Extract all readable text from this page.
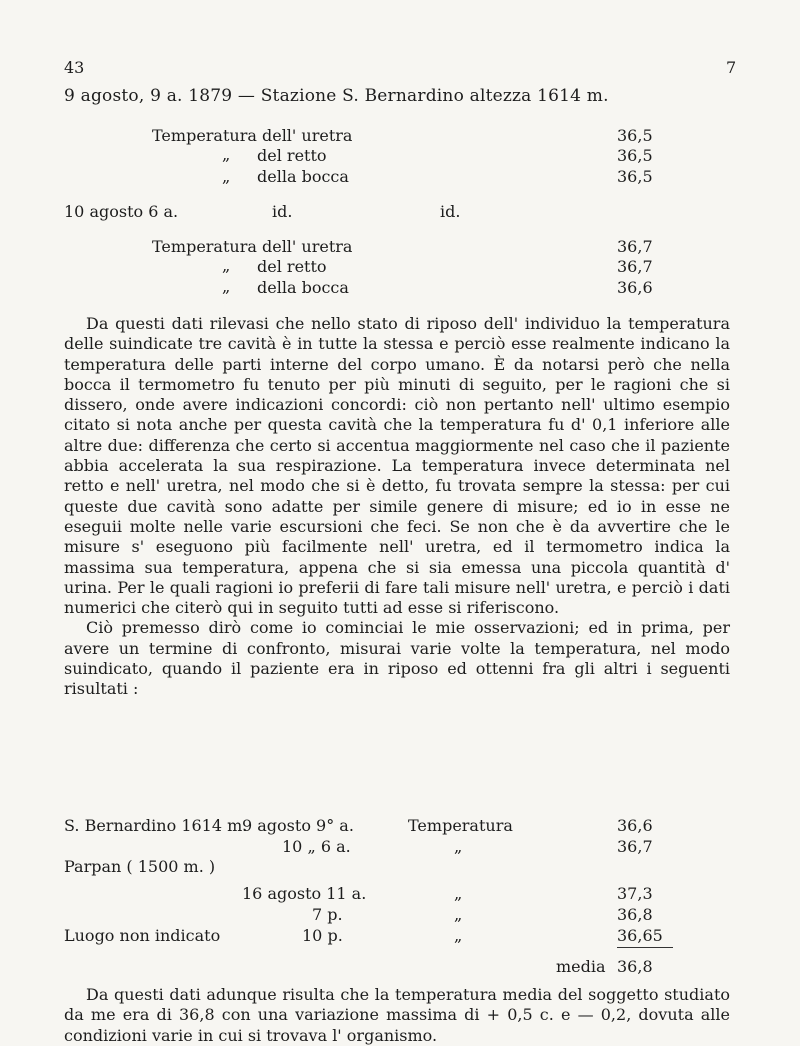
43	7
9 agosto, 9 a. 1879 — Stazione S. Bernardino altezza 1614 m.
Temperatura dell' uretra	36,5
„ del retto	36,5
„ della bocca	36,5
10 agosto 6 a.	id.	id.
Temperatura dell' uretra	36,7
„ del retto	36,7
„ della bocca	36,6

Da questi dati rilevasi che nello stato di riposo dell' individuo la temperatura delle suindicate tre cavità è in tutte la stessa e perciò esse realmente indicano la temperatura delle parti interne del corpo umano. È da notarsi però che nella bocca il termometro fu tenuto per più minuti di seguito, per le ragioni che si dissero, onde avere indicazioni concordi: ciò non pertanto nell' ultimo esempio citato si nota anche per questa cavità che la temperatura fu d' 0,1 inferiore alle altre due: differenza che certo si accentua maggiormente nel caso che il paziente abbia accelerata la sua respirazione. La temperatura invece determinata nel retto e nell' uretra, nel modo che si è detto, fu trovata sempre la stessa: per cui queste due cavità sono adatte per simile genere di misure; ed io in esse ne eseguii molte nelle varie escursioni che feci. Se non che è da avvertire che le misure s' eseguono più facilmente nell' uretra, ed il termometro indica la massima sua temperatura, appena che si sia emessa una piccola quantità d' urina. Per le quali ragioni io preferii di fare tali misure nell' uretra, e perciò i dati numerici che citerò qui in seguito tutti ad esse si riferiscono.

Ciò premesso dirò come io cominciai le mie osservazioni; ed in prima, per avere un termine di confronto, misurai varie volte la temperatura, nel modo suindicato, quando il paziente era in riposo ed ottenni fra gli altri i seguenti risultati :

S. Bernardino 1614 m.
9 agosto 9° a.	Temperatura	36,6
10 „ 6 a.	„	36,7
Parpan ( 1500 m. )
16 agosto 11 a.	„	37,3
7 p.	„	36,8
Luogo non indicato	10 p.	„	36,65
media 36,8

Da questi dati adunque risulta che la temperatura media del soggetto studiato da me era di 36,8 con una variazione massima di + 0,5 c. e — 0,2, dovuta alle condizioni varie in cui si trovava l' organismo.
